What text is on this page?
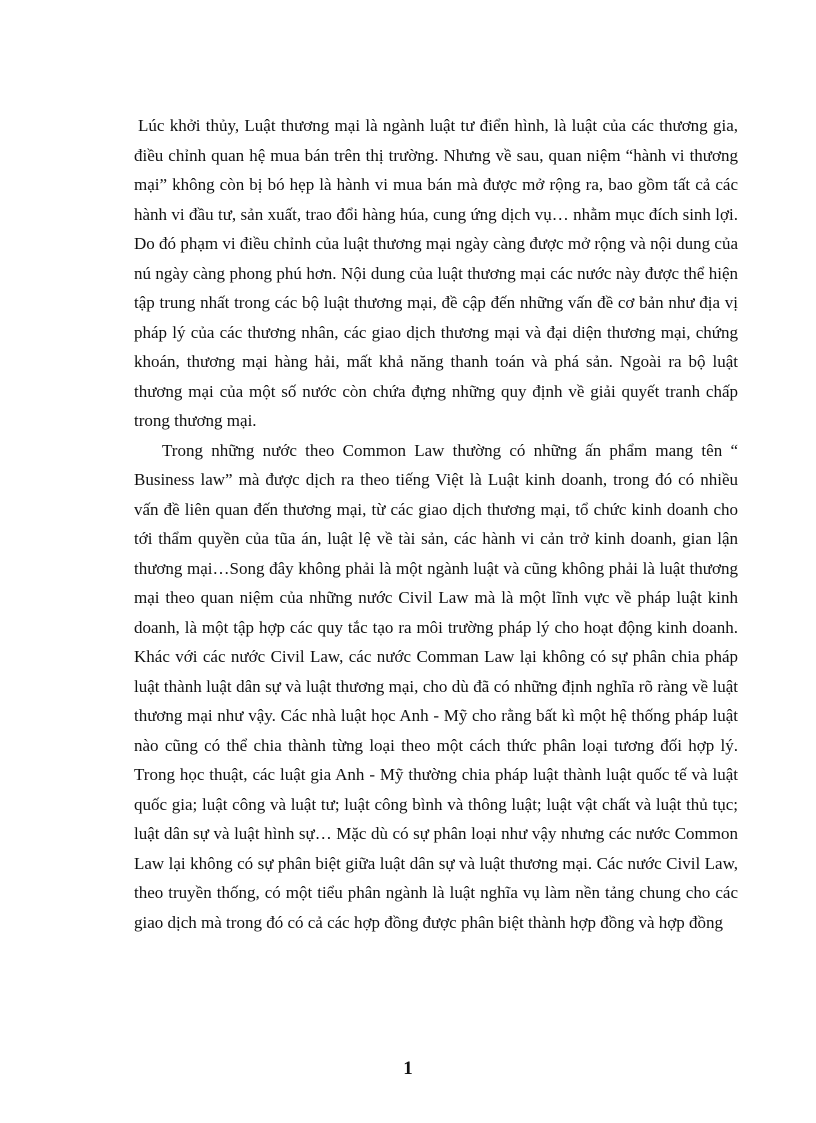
Lúc khởi thủy, Luật thương mại là ngành luật tư điển hình, là luật của các thương gia, điều chỉnh quan hệ mua bán trên thị trường. Nhưng về sau, quan niệm “hành vi thương mại” không còn bị bó hẹp là hành vi mua bán mà được mở rộng ra, bao gồm tất cả các hành vi đầu tư, sản xuất, trao đổi hàng húa, cung ứng dịch vụ… nhằm mục đích sinh lợi. Do đó phạm vi điều chỉnh của luật thương mại ngày càng được mở rộng và nội dung của nú ngày càng phong phú hơn. Nội dung của luật thương mại các nước này được thể hiện tập trung nhất trong các bộ luật thương mại, đề cập đến những vấn đề cơ bản như địa vị pháp lý của các thương nhân, các giao dịch thương mại và đại diện thương mại, chứng khoán, thương mại hàng hải, mất khả năng thanh toán và phá sản. Ngoài ra bộ luật thương mại của một số nước còn chứa đựng những quy định về giải quyết tranh chấp trong thương mại.

Trong những nước theo Common Law thường có những ấn phẩm mang tên “ Business law” mà được dịch ra theo tiếng Việt là Luật kinh doanh, trong đó có nhiều vấn đề liên quan đến thương mại, từ các giao dịch thương mại, tổ chức kinh doanh cho tới thẩm quyền của tũa án, luật lệ về tài sản, các hành vi cản trở kinh doanh, gian lận thương mại…Song đây không phải là một ngành luật và cũng không phải là luật thương mại theo quan niệm của những nước Civil Law mà là một lĩnh vực về pháp luật kinh doanh, là một tập hợp các quy tắc tạo ra môi trường pháp lý cho hoạt động kinh doanh. Khác với các nước Civil Law, các nước Comman Law lại không có sự phân chia pháp luật thành luật dân sự và luật thương mại, cho dù đã có những định nghĩa rõ ràng về luật thương mại như vậy. Các nhà luật học Anh - Mỹ cho rằng bất kì một hệ thống pháp luật nào cũng có thể chia thành từng loại theo một cách thức phân loại tương đối hợp lý. Trong học thuật, các luật gia Anh - Mỹ thường chia pháp luật thành luật quốc tế và luật quốc gia; luật công và luật tư; luật công bình và thông luật; luật vật chất và luật thủ tục; luật dân sự và luật hình sự… Mặc dù có sự phân loại như vậy nhưng các nước Common Law lại không có sự phân biệt giữa luật dân sự và luật thương mại. Các nước Civil Law, theo truyền thống, có một tiểu phân ngành là luật nghĩa vụ làm nền tảng chung cho các giao dịch mà trong đó có cả các hợp đồng được phân biệt thành hợp đồng và hợp đồng

1
